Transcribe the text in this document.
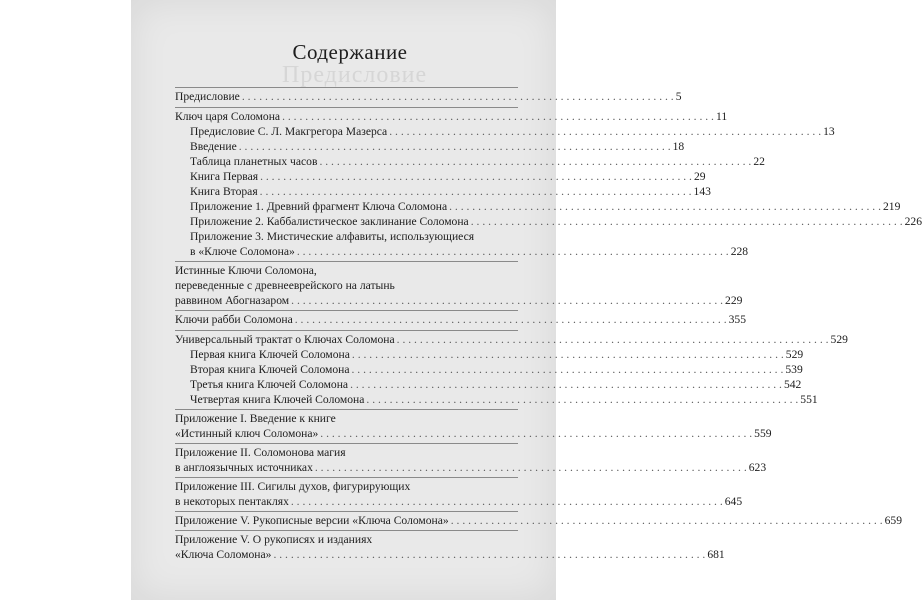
Предисловие
Содержание
Предисловие . . .	5
Ключ царя Соломона . . .	11
Предисловие С. Л. Макгрегора Мазерса . . .	13
Введение . . .	18
Таблица планетных часов . . .	22
Книга Первая . . .	29
Книга Вторая . . .	143
Приложение 1. Древний фрагмент Ключа Соломона . . .	219
Приложение 2. Каббалистическое заклинание Соломона . . .	226
Приложение 3. Мистические алфавиты, использующиеся
в «Ключе Соломона» . . .	228
Истинные Ключи Соломона,
переведенные с древнееврейского на латынь
раввином Абогназаром . . .	229
Ключи рабби Соломона . . .	355
Универсальный трактат о Ключах Соломона . . .	529
Первая книга Ключей Соломона . . .	529
Вторая книга Ключей Соломона . . .	539
Третья книга Ключей Соломона . . .	542
Четвертая книга Ключей Соломона . . .	551
Приложение I. Введение к книге
«Истинный ключ Соломона» . . .	559
Приложение II. Соломонова магия
в англоязычных источниках . . .	623
Приложение III. Сигилы духов, фигурирующих
в некоторых пентаклях . . .	645
Приложение V. Рукописные версии «Ключа Соломона» . . .	659
Приложение V. О рукописях и изданиях
«Ключа Соломона» . . .	681
